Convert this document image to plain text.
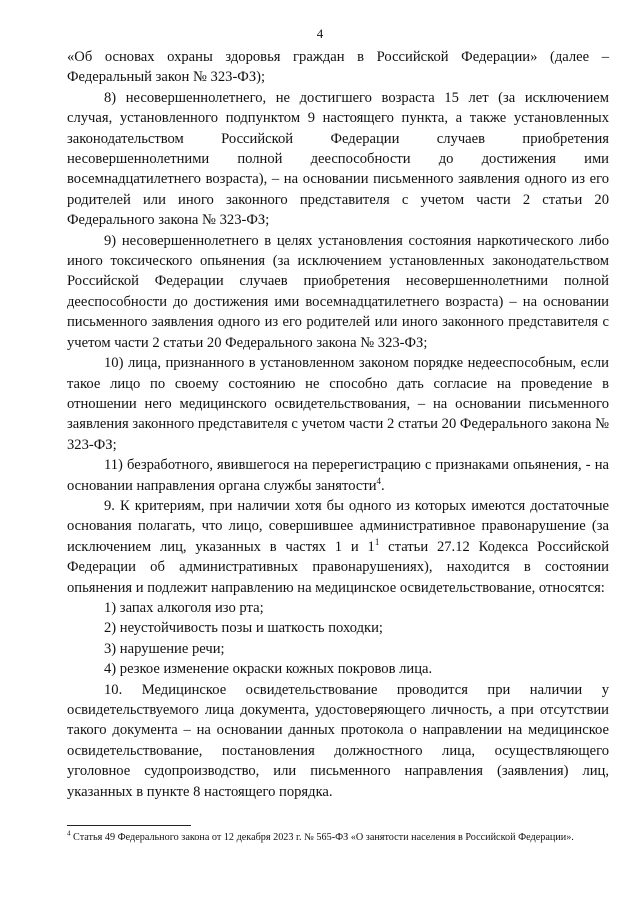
4

«Об основах охраны здоровья граждан в Российской Федерации» (далее – Федеральный закон № 323-ФЗ);

8) несовершеннолетнего, не достигшего возраста 15 лет (за исключением случая, установленного подпунктом 9 настоящего пункта, а также установленных законодательством Российской Федерации случаев приобретения несовершеннолетними полной дееспособности до достижения ими восемнадцатилетнего возраста), – на основании письменного заявления одного из его родителей или иного законного представителя с учетом части 2 статьи 20 Федерального закона № 323-ФЗ;

9) несовершеннолетнего в целях установления состояния наркотического либо иного токсического опьянения (за исключением установленных законодательством Российской Федерации случаев приобретения несовершеннолетними полной дееспособности до достижения ими восемнадцатилетнего возраста) – на основании письменного заявления одного из его родителей или иного законного представителя с учетом части 2 статьи 20 Федерального закона № 323-ФЗ;

10) лица, признанного в установленном законом порядке недееспособным, если такое лицо по своему состоянию не способно дать согласие на проведение в отношении него медицинского освидетельствования, – на основании письменного заявления законного представителя с учетом части 2 статьи 20 Федерального закона № 323-ФЗ;

11) безработного, явившегося на перерегистрацию с признаками опьянения, - на основании направления органа службы занятости$^4$.

9. К критериям, при наличии хотя бы одного из которых имеются достаточные основания полагать, что лицо, совершившее административное правонарушение (за исключением лиц, указанных в частях 1 и $1^1$ статьи 27.12 Кодекса Российской Федерации об административных правонарушениях), находится в состоянии опьянения и подлежит направлению на медицинское освидетельствование, относятся:

1) запах алкоголя изо рта;

2) неустойчивость позы и шаткость походки;

3) нарушение речи;

4) резкое изменение окраски кожных покровов лица.

10. Медицинское освидетельствование проводится при наличии у освидетельствуемого лица документа, удостоверяющего личность, а при отсутствии такого документа – на основании данных протокола о направлении на медицинское освидетельствование, постановления должностного лица, осуществляющего уголовное судопроизводство, или письменного направления (заявления) лиц, указанных в пункте 8 настоящего порядка.

$^4$ Статья 49 Федерального закона от 12 декабря 2023 г. № 565-ФЗ «О занятости населения в Российской Федерации».
